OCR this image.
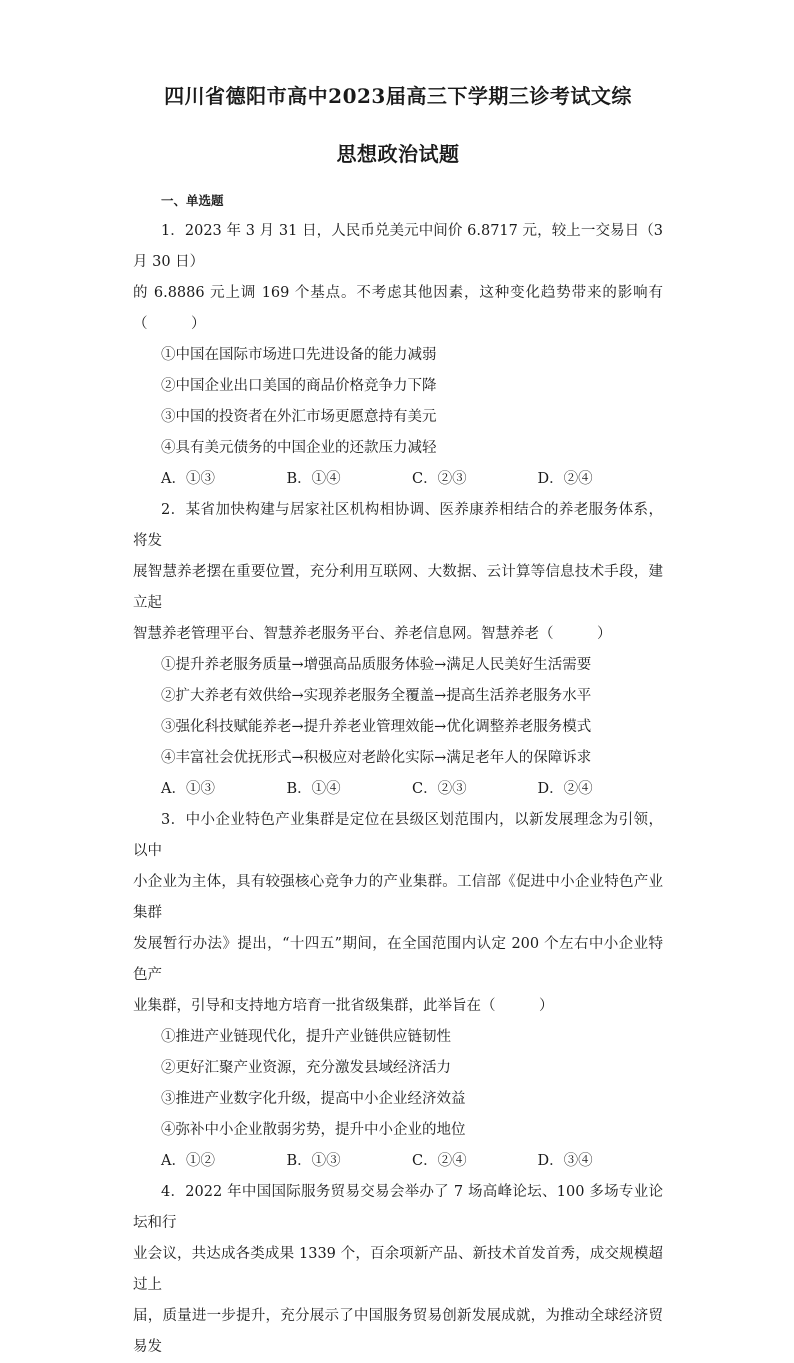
四川省德阳市高中2023届高三下学期三诊考试文综
思想政治试题
一、单选题

1．2023 年 3 月 31 日，人民币兑美元中间价 6.8717 元，较上一交易日（3 月 30 日）

的 6.8886 元上调 169 个基点。不考虑其他因素，这种变化趋势带来的影响有（　　　）

①中国在国际市场进口先进设备的能力减弱

②中国企业出口美国的商品价格竞争力下降

③中国的投资者在外汇市场更愿意持有美元

④具有美元债务的中国企业的还款压力减轻

A．①③	B．①④	C．②③	D．②④

2．某省加快构建与居家社区机构相协调、医养康养相结合的养老服务体系，将发

展智慧养老摆在重要位置，充分利用互联网、大数据、云计算等信息技术手段，建立起

智慧养老管理平台、智慧养老服务平台、养老信息网。智慧养老（　　　）

①提升养老服务质量→增强高品质服务体验→满足人民美好生活需要

②扩大养老有效供给→实现养老服务全覆盖→提高生活养老服务水平

③强化科技赋能养老→提升养老业管理效能→优化调整养老服务模式

④丰富社会优抚形式→积极应对老龄化实际→满足老年人的保障诉求

A．①③	B．①④	C．②③	D．②④

3．中小企业特色产业集群是定位在县级区划范围内，以新发展理念为引领，以中

小企业为主体，具有较强核心竞争力的产业集群。工信部《促进中小企业特色产业集群

发展暂行办法》提出，“十四五”期间，在全国范围内认定 200 个左右中小企业特色产

业集群，引导和支持地方培育一批省级集群，此举旨在（　　　）

①推进产业链现代化，提升产业链供应链韧性

②更好汇聚产业资源，充分激发县域经济活力

③推进产业数字化升级，提高中小企业经济效益

④弥补中小企业散弱劣势，提升中小企业的地位

A．①②	B．①③	C．②④	D．③④

4．2022 年中国国际服务贸易交易会举办了 7 场高峰论坛、100 多场专业论坛和行

业会议，共达成各类成果 1339 个，百余项新产品、新技术首发首秀，成交规模超过上

届，质量进一步提升，充分展示了中国服务贸易创新发展成就，为推动全球经济贸易发
